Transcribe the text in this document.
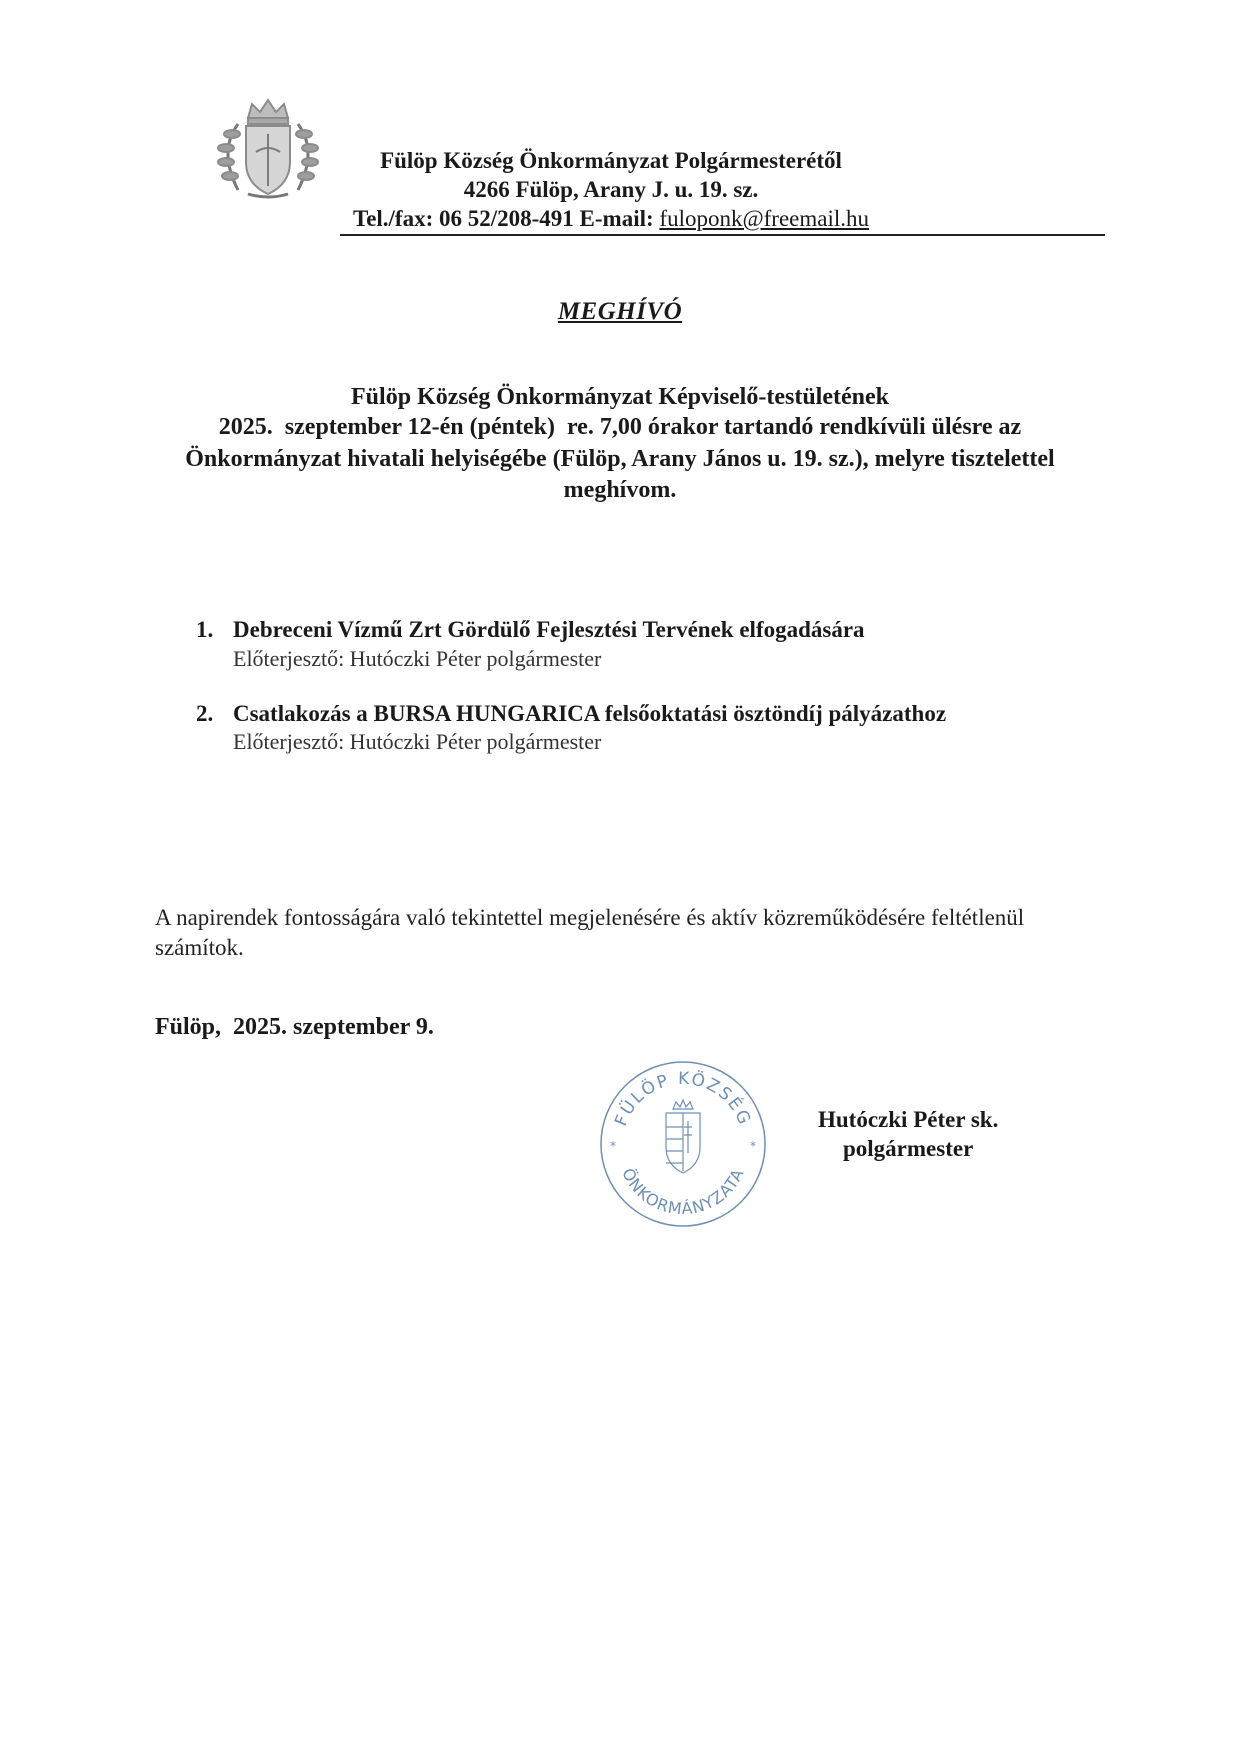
Fülöp Község Önkormányzat Polgármesterétől
4266 Fülöp, Arany J. u. 19. sz.
Tel./fax: 06 52/208-491 E-mail: fuloponk@freemail.hu
MEGHÍVÓ
Fülöp Község Önkormányzat Képviselő-testületének
2025.  szeptember 12-én (péntek)  re. 7,00 órakor tartandó rendkívüli ülésre az
Önkormányzat hivatali helyiségébe (Fülöp, Arany János u. 19. sz.), melyre tisztelettel
meghívom.
1. Debreceni Vízmű Zrt Gördülő Fejlesztési Tervének elfogadására
Előterjesztő: Hutóczki Péter polgármester
2. Csatlakozás a BURSA HUNGARICA felsőoktatási ösztöndíj pályázathoz
Előterjesztő: Hutóczki Péter polgármester
A napirendek fontosságára való tekintettel megjelenésére és aktív közreműködésére feltétlenül
számítok.
Fülöp,  2025. szeptember 9.
FÜLÖP KÖZSÉG
ÖNKORMÁNYZATA
*	*
Hutóczki Péter sk.
polgármester
